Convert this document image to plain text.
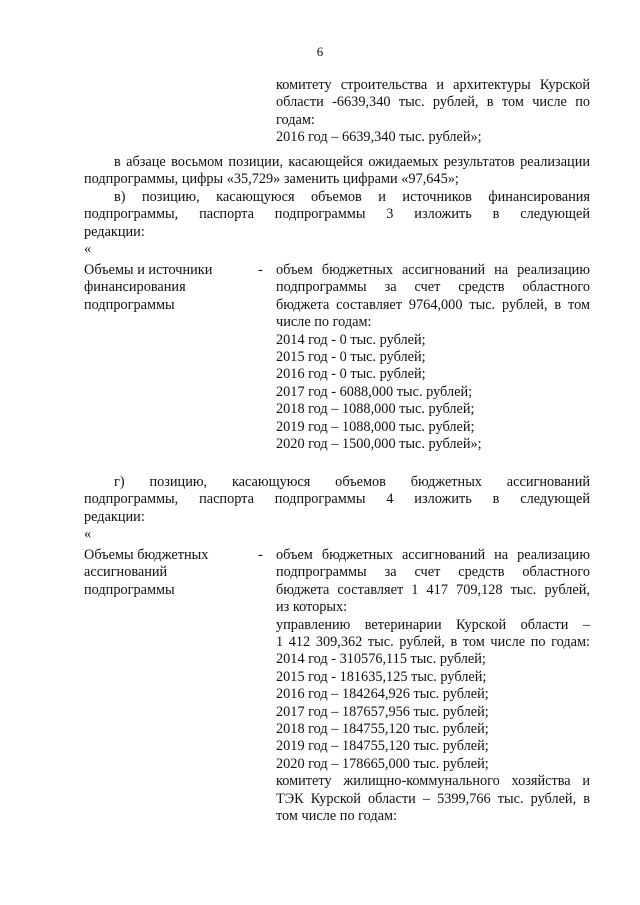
6
комитету строительства и архитектуры Курской
области -6639,340 тыс. рублей, в том числе по
годам:
2016 год – 6639,340 тыс. рублей»;
в абзаце восьмом позиции, касающейся ожидаемых результатов реализации подпрограммы, цифры «35,729» заменить цифрами «97,645»;
в) позицию, касающуюся объемов и источников финансирования
подпрограммы, паспорта подпрограммы 3 изложить в следующей
редакции:
«
Объемы и источники
финансирования
подпрограммы
- объем бюджетных ассигнований на реализацию
подпрограммы за счет средств областного
бюджета составляет 9764,000 тыс. рублей, в том
числе по годам:
2014 год - 0 тыс. рублей;
2015 год - 0 тыс. рублей;
2016 год - 0 тыс. рублей;
2017 год - 6088,000 тыс. рублей;
2018 год – 1088,000 тыс. рублей;
2019 год – 1088,000 тыс. рублей;
2020 год – 1500,000 тыс. рублей»;
г) позицию, касающуюся объемов бюджетных ассигнований
подпрограммы, паспорта подпрограммы 4 изложить в следующей
редакции:
«
Объемы бюджетных
ассигнований
подпрограммы
- объем бюджетных ассигнований на реализацию
подпрограммы за счет средств областного
бюджета составляет 1 417 709,128 тыс. рублей,
из которых:
управлению ветеринарии Курской области –
1 412 309,362 тыс. рублей, в том числе по годам:
2014 год - 310576,115 тыс. рублей;
2015 год - 181635,125 тыс. рублей;
2016 год – 184264,926 тыс. рублей;
2017 год – 187657,956 тыс. рублей;
2018 год – 184755,120 тыс. рублей;
2019 год – 184755,120 тыс. рублей;
2020 год – 178665,000 тыс. рублей;
комитету жилищно-коммунального хозяйства и
ТЭК Курской области – 5399,766 тыс. рублей, в
том числе по годам:
